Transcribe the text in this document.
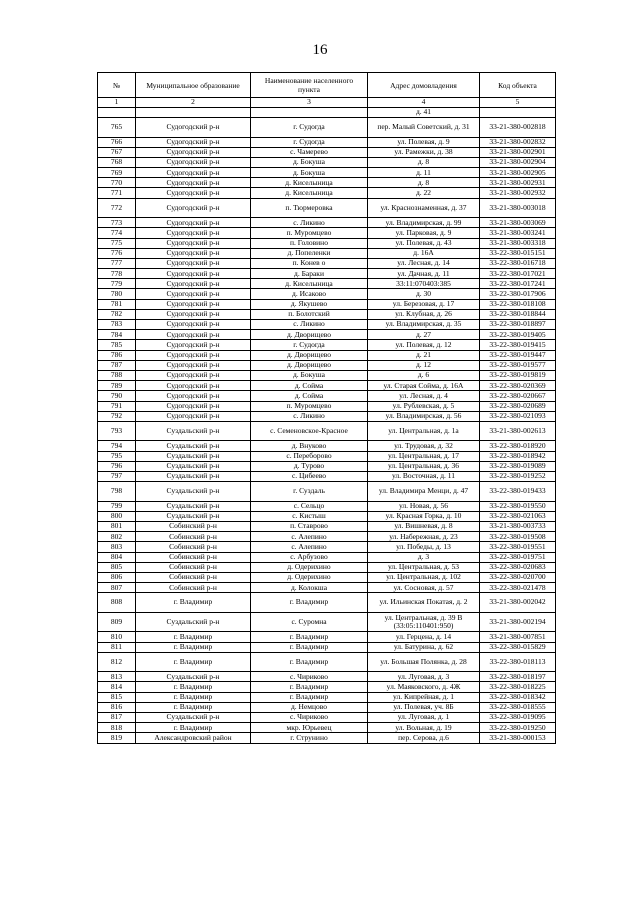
16
№	Муниципальное образование	Наименование населенного пункта	Адрес домовладения	Код объекта
1	2	3	4	5
			д. 41	
765	Судогодский р-н	г. Судогда	пер. Малый Советский, д. 31	33-21-380-002818
766	Судогодский р-н	г. Судогда	ул. Полевая, д. 9	33-21-380-002832
767	Судогодский р-н	с. Чамерево	ул. Рамежки, д. 38	33-21-380-002901
768	Судогодский р-н	д. Бокуша	д. 8	33-21-380-002904
769	Судогодский р-н	д. Бокуша	д. 11	33-21-380-002905
770	Судогодский р-н	д. Киселыница	д. 8	33-21-380-002931
771	Судогодский р-н	д. Киселыница	д. 22	33-21-380-002932
772	Судогодский р-н	п. Тюрмеровка	ул. Краснознаменная, д. 37	33-21-380-003018
773	Судогодский р-н	с. Ликино	ул. Владимирская, д. 99	33-21-380-003069
774	Судогодский р-н	п. Муромцево	ул. Парковая, д. 9	33-21-380-003241
775	Судогодский р-н	п. Головино	ул. Полевая, д. 43	33-21-380-003318
776	Судогодский р-н	д. Попеленки	д. 16А	33-22-380-015151
777	Судогодский р-н	п. Конев о	ул. Лесная, д. 14	33-22-380-016718
778	Судогодский р-н	д. Бараки	ул. Дачная, д. 11	33-22-380-017021
779	Судогодский р-н	д. Киселыница	33:11:070403:385	33-22-380-017241
780	Судогодский р-н	д. Исаково	д. 30	33-22-380-017906
781	Судогодский р-н	д. Якушево	ул. Березовая, д. 17	33-22-380-018108
782	Судогодский р-н	п. Болотский	ул. Клубная, д. 26	33-22-380-018844
783	Судогодский р-н	с. Ликино	ул. Владимирская, д. 35	33-22-380-018897
784	Судогодский р-н	д. Дворищево	д. 27	33-22-380-019405
785	Судогодский р-н	г. Судогда	ул. Полевая, д. 12	33-22-380-019415
786	Судогодский р-н	д. Дворищево	д. 21	33-22-380-019447
787	Судогодский р-н	д. Дворищево	д. 12	33-22-380-019577
788	Судогодский р-н	д. Бокуша	д. 6	33-22-380-019819
789	Судогодский р-н	д. Сойма	ул. Старая Сойма, д. 16А	33-22-380-020369
790	Судогодский р-н	д. Сойма	ул. Лесная, д. 4	33-22-380-020667
791	Судогодский р-н	п. Муромцево	ул. Рублевская, д. 5	33-22-380-020689
792	Судогодский р-н	с. Ликино	ул. Владимирская, д. 56	33-22-380-021093
793	Суздальский р-н	с. Семеновское-Красное	ул. Центральная, д. 1а	33-21-380-002613
794	Суздальский р-н	д. Внуково	ул. Трудовая, д. 32	33-22-380-018920
795	Суздальский р-н	с. Переборово	ул. Центральная, д. 17	33-22-380-018942
796	Суздальский р-н	д. Турово	ул. Центральная, д. 36	33-22-380-019089
797	Суздальский р-н	с. Цибеево	ул. Восточная, д. 11	33-22-380-019252
798	Суздальский р-н	г. Суздаль	ул. Владимира Менци, д. 47	33-22-380-019433
799	Суздальский р-н	с. Сельцо	ул. Новая, д. 56	33-22-380-019550
800	Суздальский р-н	с. Кистыш	ул. Красная Горка, д. 10	33-22-380-021063
801	Собинский р-н	п. Ставрово	ул. Вишневая, д. 8	33-21-380-003733
802	Собинский р-н	с. Алепино	ул. Набережная, д. 23	33-22-380-019508
803	Собинский р-н	с. Алепино	ул. Победы, д. 13	33-22-380-019551
804	Собинский р-н	с. Арбузово	д. 3	33-22-380-019751
805	Собинский р-н	д. Одерихино	ул. Центральная, д. 53	33-22-380-020683
806	Собинский р-н	д. Одерихино	ул. Центральная, д. 102	33-22-380-020700
807	Собинский р-н	д. Колокша	ул. Сосновая, д. 57	33-22-380-021478
808	г. Владимир	г. Владимир	ул. Ильинская Покатая, д. 2	33-21-380-002042
809	Суздальский р-н	с. Суромна	ул. Центральная, д. 39 В (33:05:110401:950)	33-21-380-002194
810	г. Владимир	г. Владимир	ул. Герцена, д. 14	33-21-380-007851
811	г. Владимир	г. Владимир	ул. Батурина, д. 62	33-22-380-015829
812	г. Владимир	г. Владимир	ул. Большая Полянка, д. 28	33-22-380-018113
813	Суздальский р-н	с. Чириково	ул. Луговая, д. 3	33-22-380-018197
814	г. Владимир	г. Владимир	ул. Маяковского, д. 4Ж	33-22-380-018225
815	г. Владимир	г. Владимир	ул. Кипрейная, д. 1	33-22-380-018342
816	г. Владимир	д. Немцово	ул. Полевая, уч. 8Б	33-22-380-018555
817	Суздальский р-н	с. Чириково	ул. Луговая, д. 1	33-22-380-019095
818	г. Владимир	мкр. Юрьевец	ул. Вольная, д. 19	33-22-380-019250
819	Александровский район	г. Струнино	пер. Серова, д.6	33-21-380-000153
